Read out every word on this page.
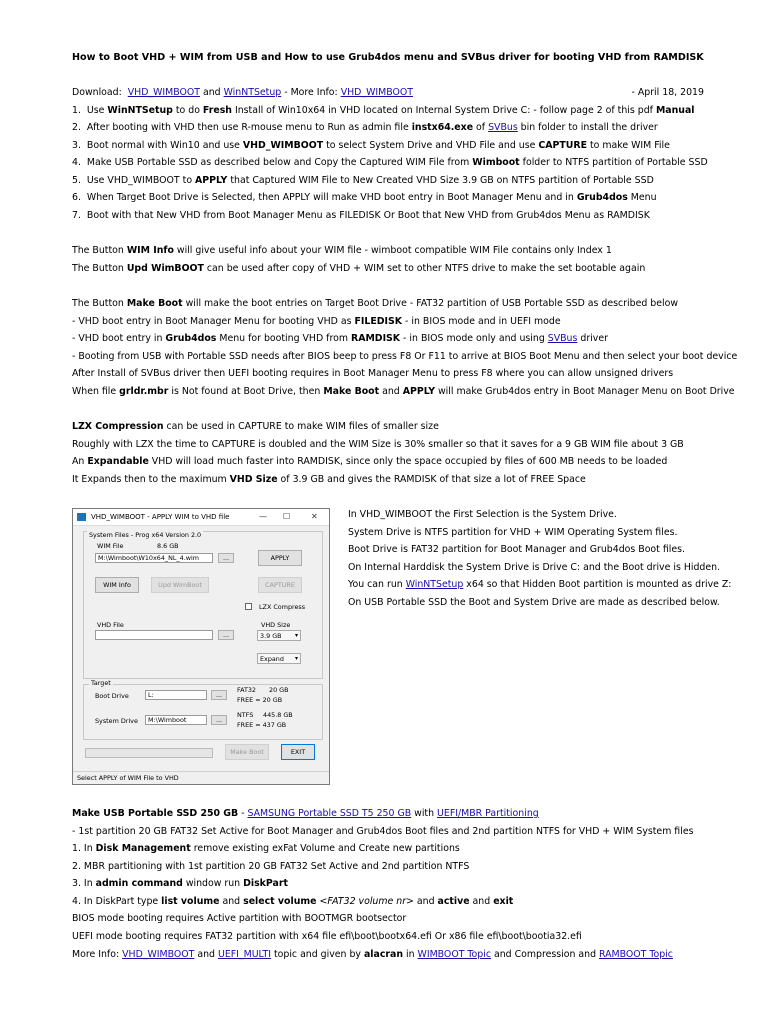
How to Boot VHD + WIM from USB and How to use Grub4dos menu and SVBus driver for booting VHD from RAMDISK
Download: VHD_WIMBOOT and WinNTSetup - More Info: VHD_WIMBOOT	- April 18, 2019
1. Use WinNTSetup to do Fresh Install of Win10x64 in VHD located on Internal System Drive C: - follow page 2 of this pdf Manual
2. After booting with VHD then use R-mouse menu to Run as admin file instx64.exe of SVBus bin folder to install the driver
3. Boot normal with Win10 and use VHD_WIMBOOT to select System Drive and VHD File and use CAPTURE to make WIM File
4. Make USB Portable SSD as described below and Copy the Captured WIM File from Wimboot folder to NTFS partition of Portable SSD
5. Use VHD_WIMBOOT to APPLY that Captured WIM File to New Created VHD Size 3.9 GB on NTFS partition of Portable SSD
6. When Target Boot Drive is Selected, then APPLY will make VHD boot entry in Boot Manager Menu and in Grub4dos Menu
7. Boot with that New VHD from Boot Manager Menu as FILEDISK Or Boot that New VHD from Grub4dos Menu as RAMDISK
The Button WIM Info will give useful info about your WIM file - wimboot compatible WIM File contains only Index 1
The Button Upd WimBOOT can be used after copy of VHD + WIM set to other NTFS drive to make the set bootable again
The Button Make Boot will make the boot entries on Target Boot Drive - FAT32 partition of USB Portable SSD as described below
- VHD boot entry in Boot Manager Menu for booting VHD as FILEDISK - in BIOS mode and in UEFI mode
- VHD boot entry in Grub4dos Menu for booting VHD from RAMDISK - in BIOS mode only and using SVBus driver
- Booting from USB with Portable SSD needs after BIOS beep to press F8 Or F11 to arrive at BIOS Boot Menu and then select your boot device
After Install of SVBus driver then UEFI booting requires in Boot Manager Menu to press F8 where you can allow unsigned drivers
When file grldr.mbr is Not found at Boot Drive, then Make Boot and APPLY will make Grub4dos entry in Boot Manager Menu on Boot Drive
LZX Compression can be used in CAPTURE to make WIM files of smaller size
Roughly with LZX the time to CAPTURE is doubled and the WIM Size is 30% smaller so that it saves for a 9 GB WIM file about 3 GB
An Expandable VHD will load much faster into RAMDISK, since only the space occupied by files of 600 MB needs to be loaded
It Expands then to the maximum VHD Size of 3.9 GB and gives the RAMDISK of that size a lot of FREE Space
In VHD_WIMBOOT the First Selection is the System Drive.
System Drive is NTFS partition for VHD + WIM Operating System files.
Boot Drive is FAT32 partition for Boot Manager and Grub4dos Boot files.
On Internal Harddisk the System Drive is Drive C: and the Boot drive is Hidden.
You can run WinNTSetup x64 so that Hidden Boot partition is mounted as drive Z:
On USB Portable SSD the Boot and System Drive are made as described below.
Make USB Portable SSD 250 GB - SAMSUNG Portable SSD T5 250 GB with UEFI/MBR Partitioning
- 1st partition 20 GB FAT32 Set Active for Boot Manager and Grub4dos Boot files and 2nd partition NTFS for VHD + WIM System files
1. In Disk Management remove existing exFat Volume and Create new partitions
2. MBR partitioning with 1st partition 20 GB FAT32 Set Active and 2nd partition NTFS
3. In admin command window run DiskPart
4. In DiskPart type list volume and select volume <FAT32 volume nr> and active and exit
BIOS mode booting requires Active partition with BOOTMGR bootsector
UEFI mode booting requires FAT32 partition with x64 file efi\boot\bootx64.efi Or x86 file efi\boot\bootia32.efi
More Info: VHD_WIMBOOT and UEFI_MULTI topic and given by alacran in WIMBOOT Topic and Compression and RAMBOOT Topic
VHD_WIMBOOT - APPLY WIM to VHD file	— ☐	✕
System Files - Prog x64 Version 2.0
WIM File	8.6 GB
M:\Wimboot\W10x64_NL_4.wim	...	APPLY
WIM Info	Upd WimBoot	CAPTURE
LZX Compress
VHD File	VHD Size
...	3.9 GB ▾
Expand ▾
Target
Boot Drive	L:	...
FAT32 20 GB
FREE = 20 GB
System Drive	M:\Wimboot	...
NTFS 445.8 GB
FREE = 437 GB
Make Boot	EXIT
Select APPLY of WIM File to VHD
